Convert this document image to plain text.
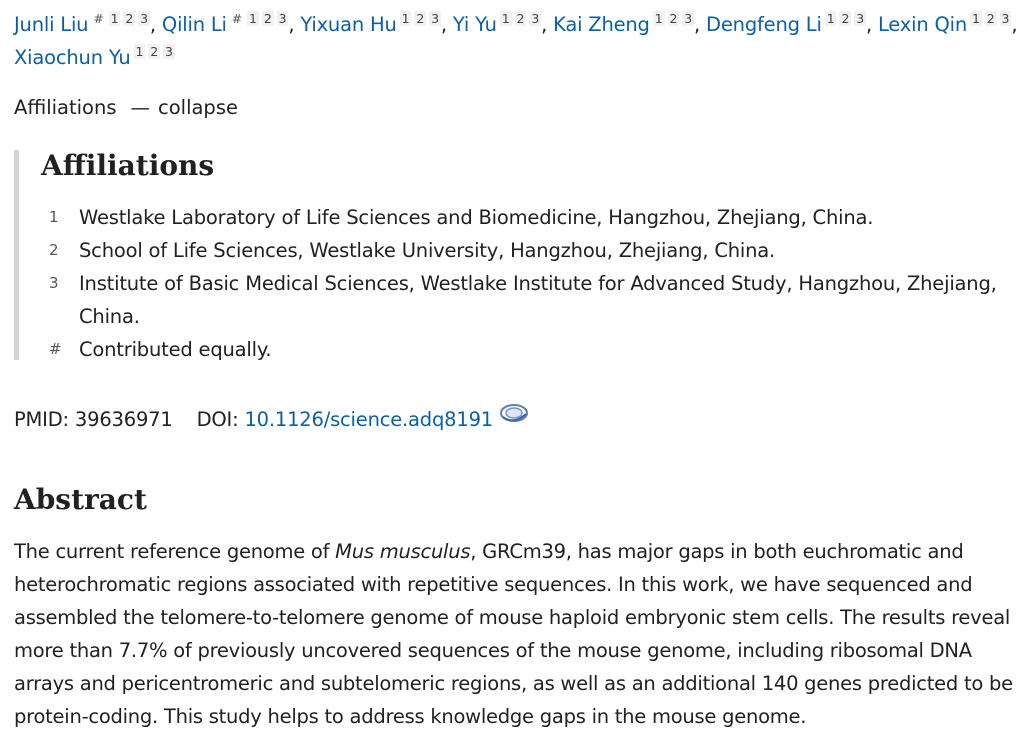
Junli Liu # 1 2 3 , Qilin Li # 1 2 3 , Yixuan Hu 1 2 3 , Yi Yu 1 2 3 , Kai Zheng 1 2 3 , Dengfeng Li 1 2 3 , Lexin Qin 1 2 3 , Xiaochun Yu 1 2 3
Affiliations — collapse
Affiliations
1	Westlake Laboratory of Life Sciences and Biomedicine, Hangzhou, Zhejiang, China.
2	School of Life Sciences, Westlake University, Hangzhou, Zhejiang, China.
3	Institute of Basic Medical Sciences, Westlake Institute for Advanced Study, Hangzhou, Zhejiang, China.
# Contributed equally.
PMID: 39636971 DOI: 10.1126/science.adq8191
Abstract

The current reference genome of Mus musculus, GRCm39, has major gaps in both euchromatic and heterochromatic regions associated with repetitive sequences. In this work, we have sequenced and assembled the telomere-to-telomere genome of mouse haploid embryonic stem cells. The results reveal more than 7.7% of previously uncovered sequences of the mouse genome, including ribosomal DNA arrays and pericentromeric and subtelomeric regions, as well as an additional 140 genes predicted to be protein-coding. This study helps to address knowledge gaps in the mouse genome.
